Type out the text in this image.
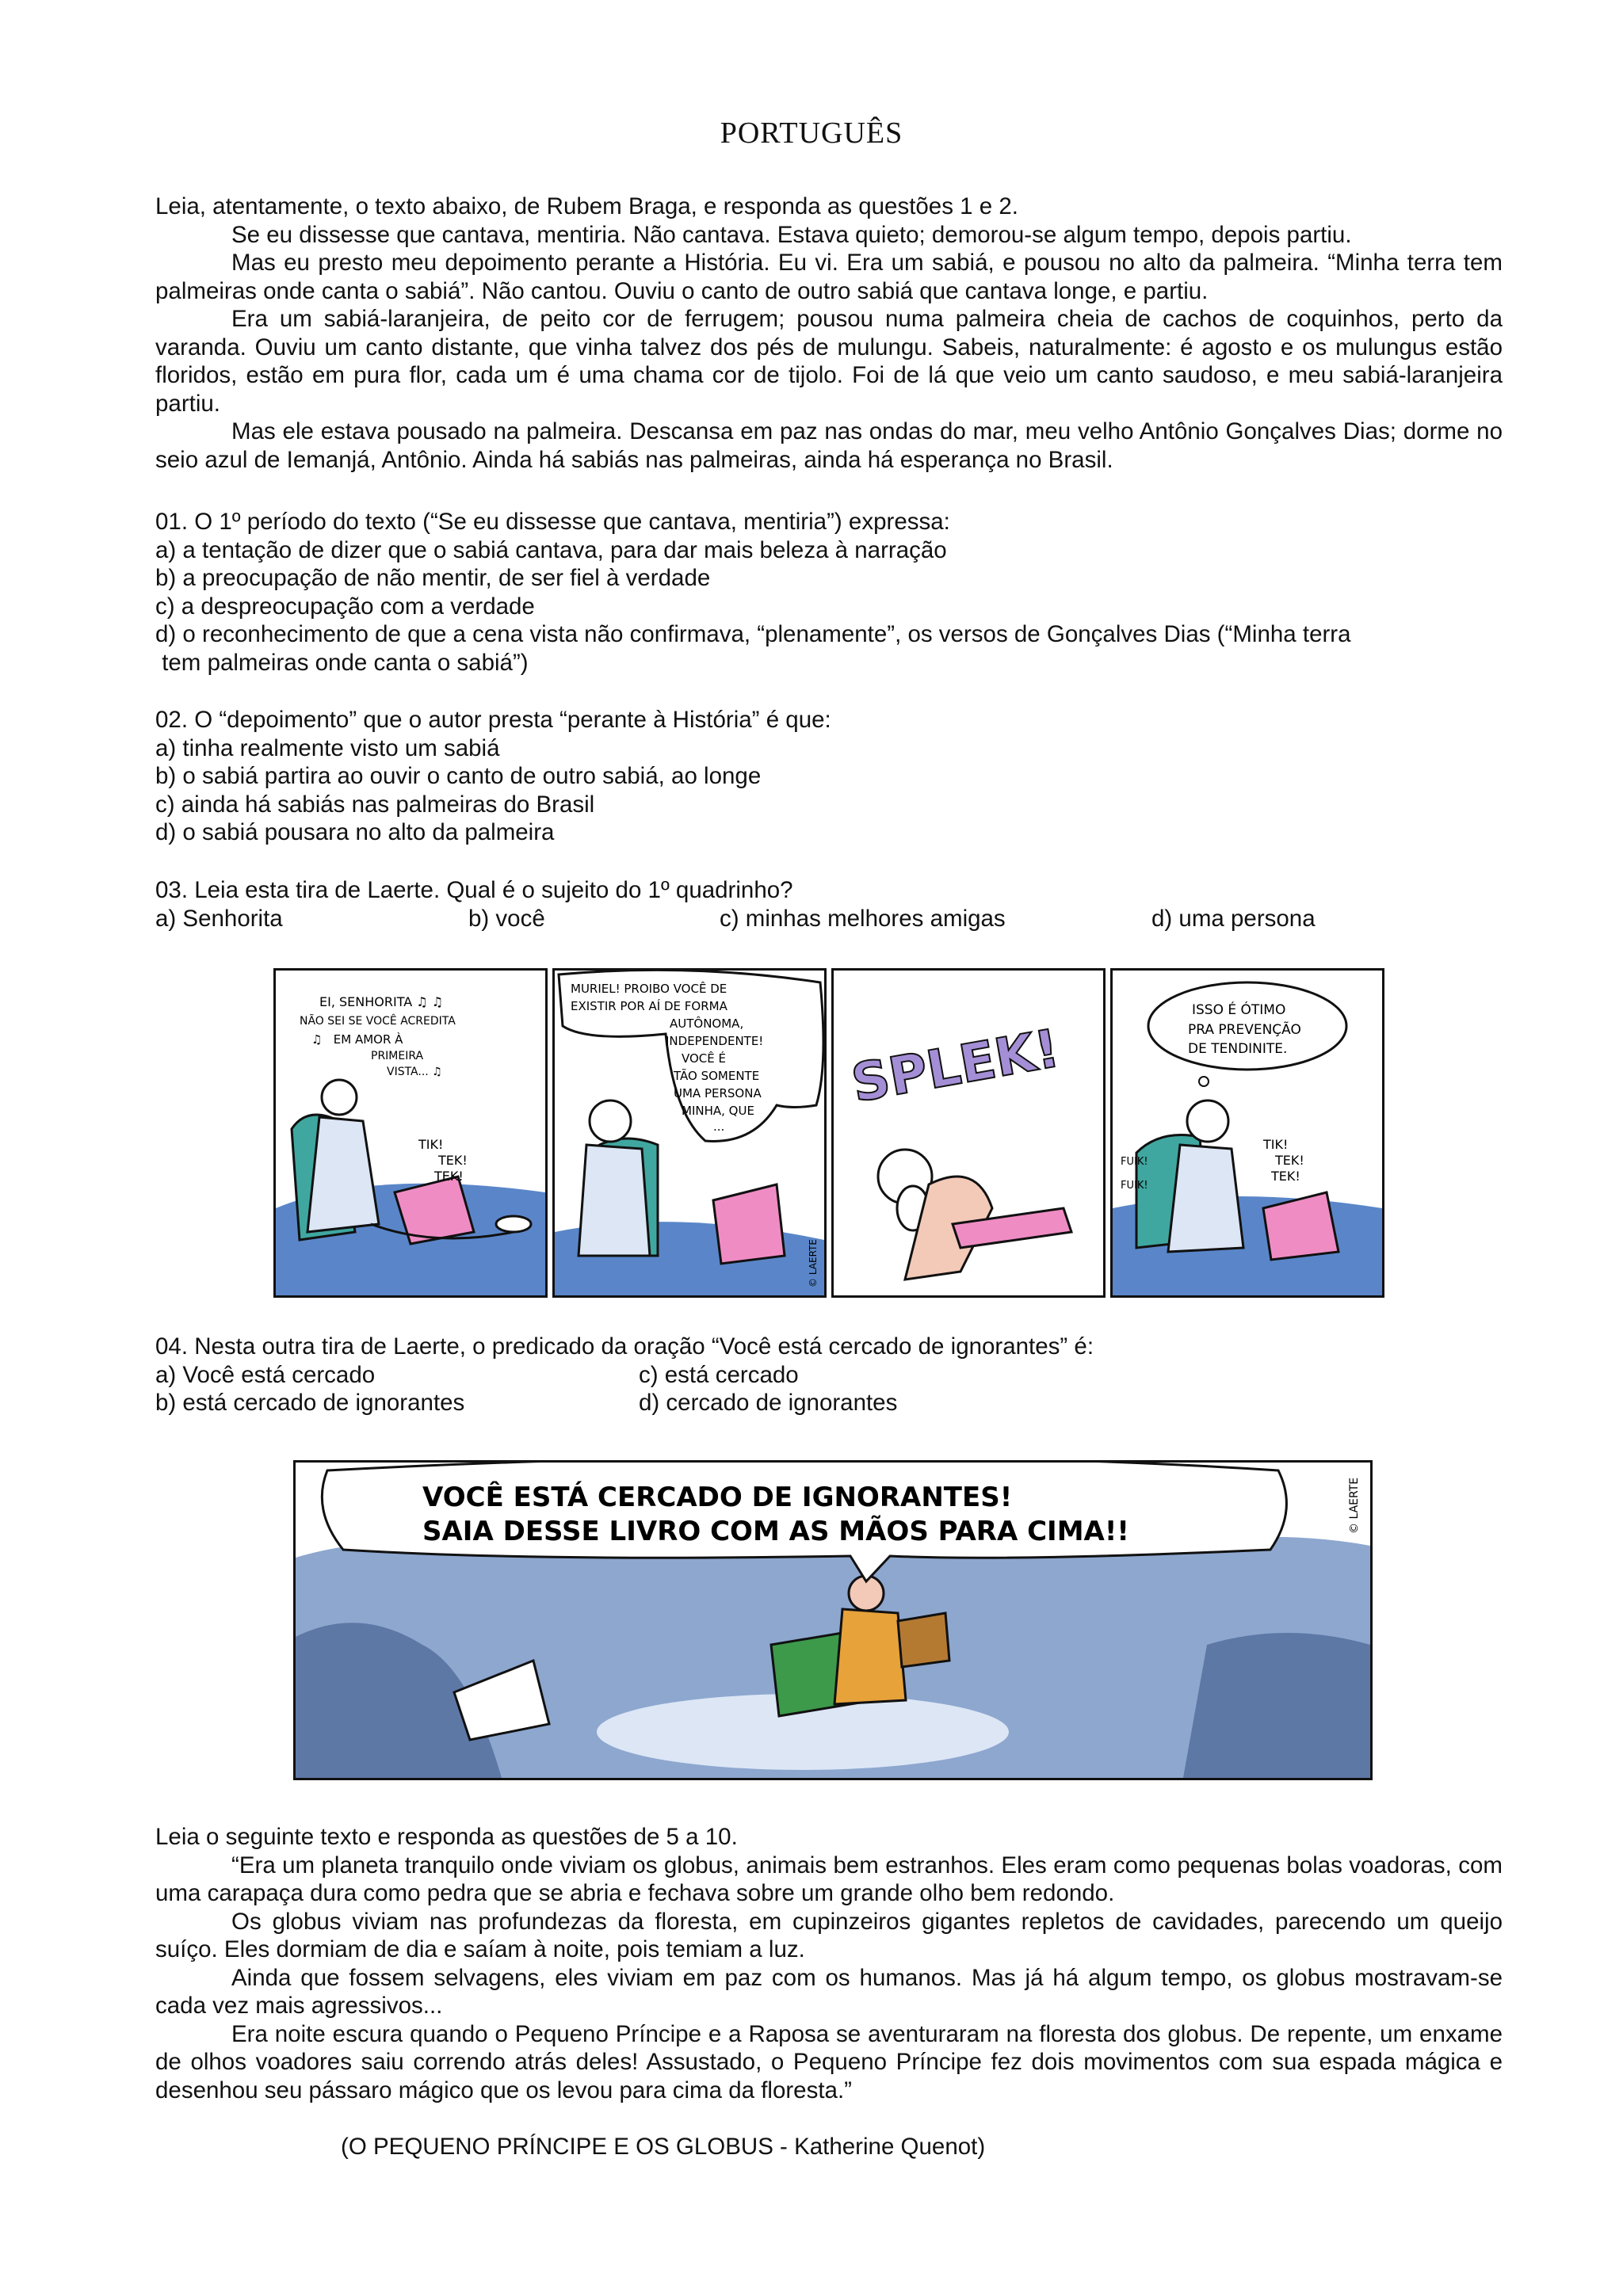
PORTUGUÊS

Leia, atentamente, o texto abaixo, de Rubem Braga, e responda as questões 1 e 2.

Se eu dissesse que cantava, mentiria. Não cantava. Estava quieto; demorou-se algum tempo, depois partiu.

Mas eu presto meu depoimento perante a História. Eu vi. Era um sabiá, e pousou no alto da palmeira. “Minha terra tem palmeiras onde canta o sabiá”. Não cantou. Ouviu o canto de outro sabiá que cantava longe, e partiu.

Era um sabiá-laranjeira, de peito cor de ferrugem; pousou numa palmeira cheia de cachos de coquinhos, perto da varanda. Ouviu um canto distante, que vinha talvez dos pés de mulungu. Sabeis, naturalmente: é agosto e os mulungus estão floridos, estão em pura flor, cada um é uma chama cor de tijolo. Foi de lá que veio um canto saudoso, e meu sabiá-laranjeira partiu.

Mas ele estava pousado na palmeira. Descansa em paz nas ondas do mar, meu velho Antônio Gonçalves Dias; dorme no seio azul de Iemanjá, Antônio. Ainda há sabiás nas palmeiras, ainda há esperança no Brasil.

01. O 1º período do texto (“Se eu dissesse que cantava, mentiria”) expressa:
a) a tentação de dizer que o sabiá cantava, para dar mais beleza à narração
b) a preocupação de não mentir, de ser fiel à verdade
c) a despreocupação com a verdade
d) o reconhecimento de que a cena vista não confirmava, “plenamente”, os versos de Gonçalves Dias (“Minha terra
tem palmeiras onde canta o sabiá”)
02. O “depoimento” que o autor presta “perante à História” é que:
a) tinha realmente visto um sabiá
b) o sabiá partira ao ouvir o canto de outro sabiá, ao longe
c) ainda há sabiás nas palmeiras do Brasil
d) o sabiá pousara no alto da palmeira
03. Leia esta tira de Laerte. Qual é o sujeito do 1º quadrinho?
a) Senhorita	b) você	c) minhas melhores amigas	d) uma persona
EI, SENHORITA ♫ ♫
NÃO SEI SE VOCÊ ACREDITA
♫   EM AMOR À
PRIMEIRA
VISTA... ♫
TIK!
TEK!
TEK!
MURIEL! PROIBO VOCÊ DE
EXISTIR POR AÍ DE FORMA
AUTÔNOMA,
INDEPENDENTE!
VOCÊ É
TÃO SOMENTE
UMA PERSONA
MINHA, QUE
...
© LAERTE
SPLEK!
ISSO É ÓTIMO
PRA PREVENÇÃO
DE TENDINITE.
FUIK!
FUIK!
TIK!
TEK!
TEK!
04. Nesta outra tira de Laerte, o predicado da oração “Você está cercado de ignorantes” é:
a) Você está cercado	c) está cercado
b) está cercado de ignorantes	d) cercado de ignorantes
VOCÊ ESTÁ CERCADO DE IGNORANTES!
SAIA DESSE LIVRO COM AS MÃOS PARA CIMA!!	© LAERTE

Leia o seguinte texto e responda as questões de 5 a 10.

“Era um planeta tranquilo onde viviam os globus, animais bem estranhos. Eles eram como pequenas bolas voadoras, com uma carapaça dura como pedra que se abria e fechava sobre um grande olho bem redondo.

Os globus viviam nas profundezas da floresta, em cupinzeiros gigantes repletos de cavidades, parecendo um queijo suíço. Eles dormiam de dia e saíam à noite, pois temiam a luz.

Ainda que fossem selvagens, eles viviam em paz com os humanos. Mas já há algum tempo, os globus mostravam-se cada vez mais agressivos...

Era noite escura quando o Pequeno Príncipe e a Raposa se aventuraram na floresta dos globus. De repente, um enxame de olhos voadores saiu correndo atrás deles! Assustado, o Pequeno Príncipe fez dois movimentos com sua espada mágica e desenhou seu pássaro mágico que os levou para cima da floresta.”

(O PEQUENO PRÍNCIPE E OS GLOBUS - Katherine Quenot)
